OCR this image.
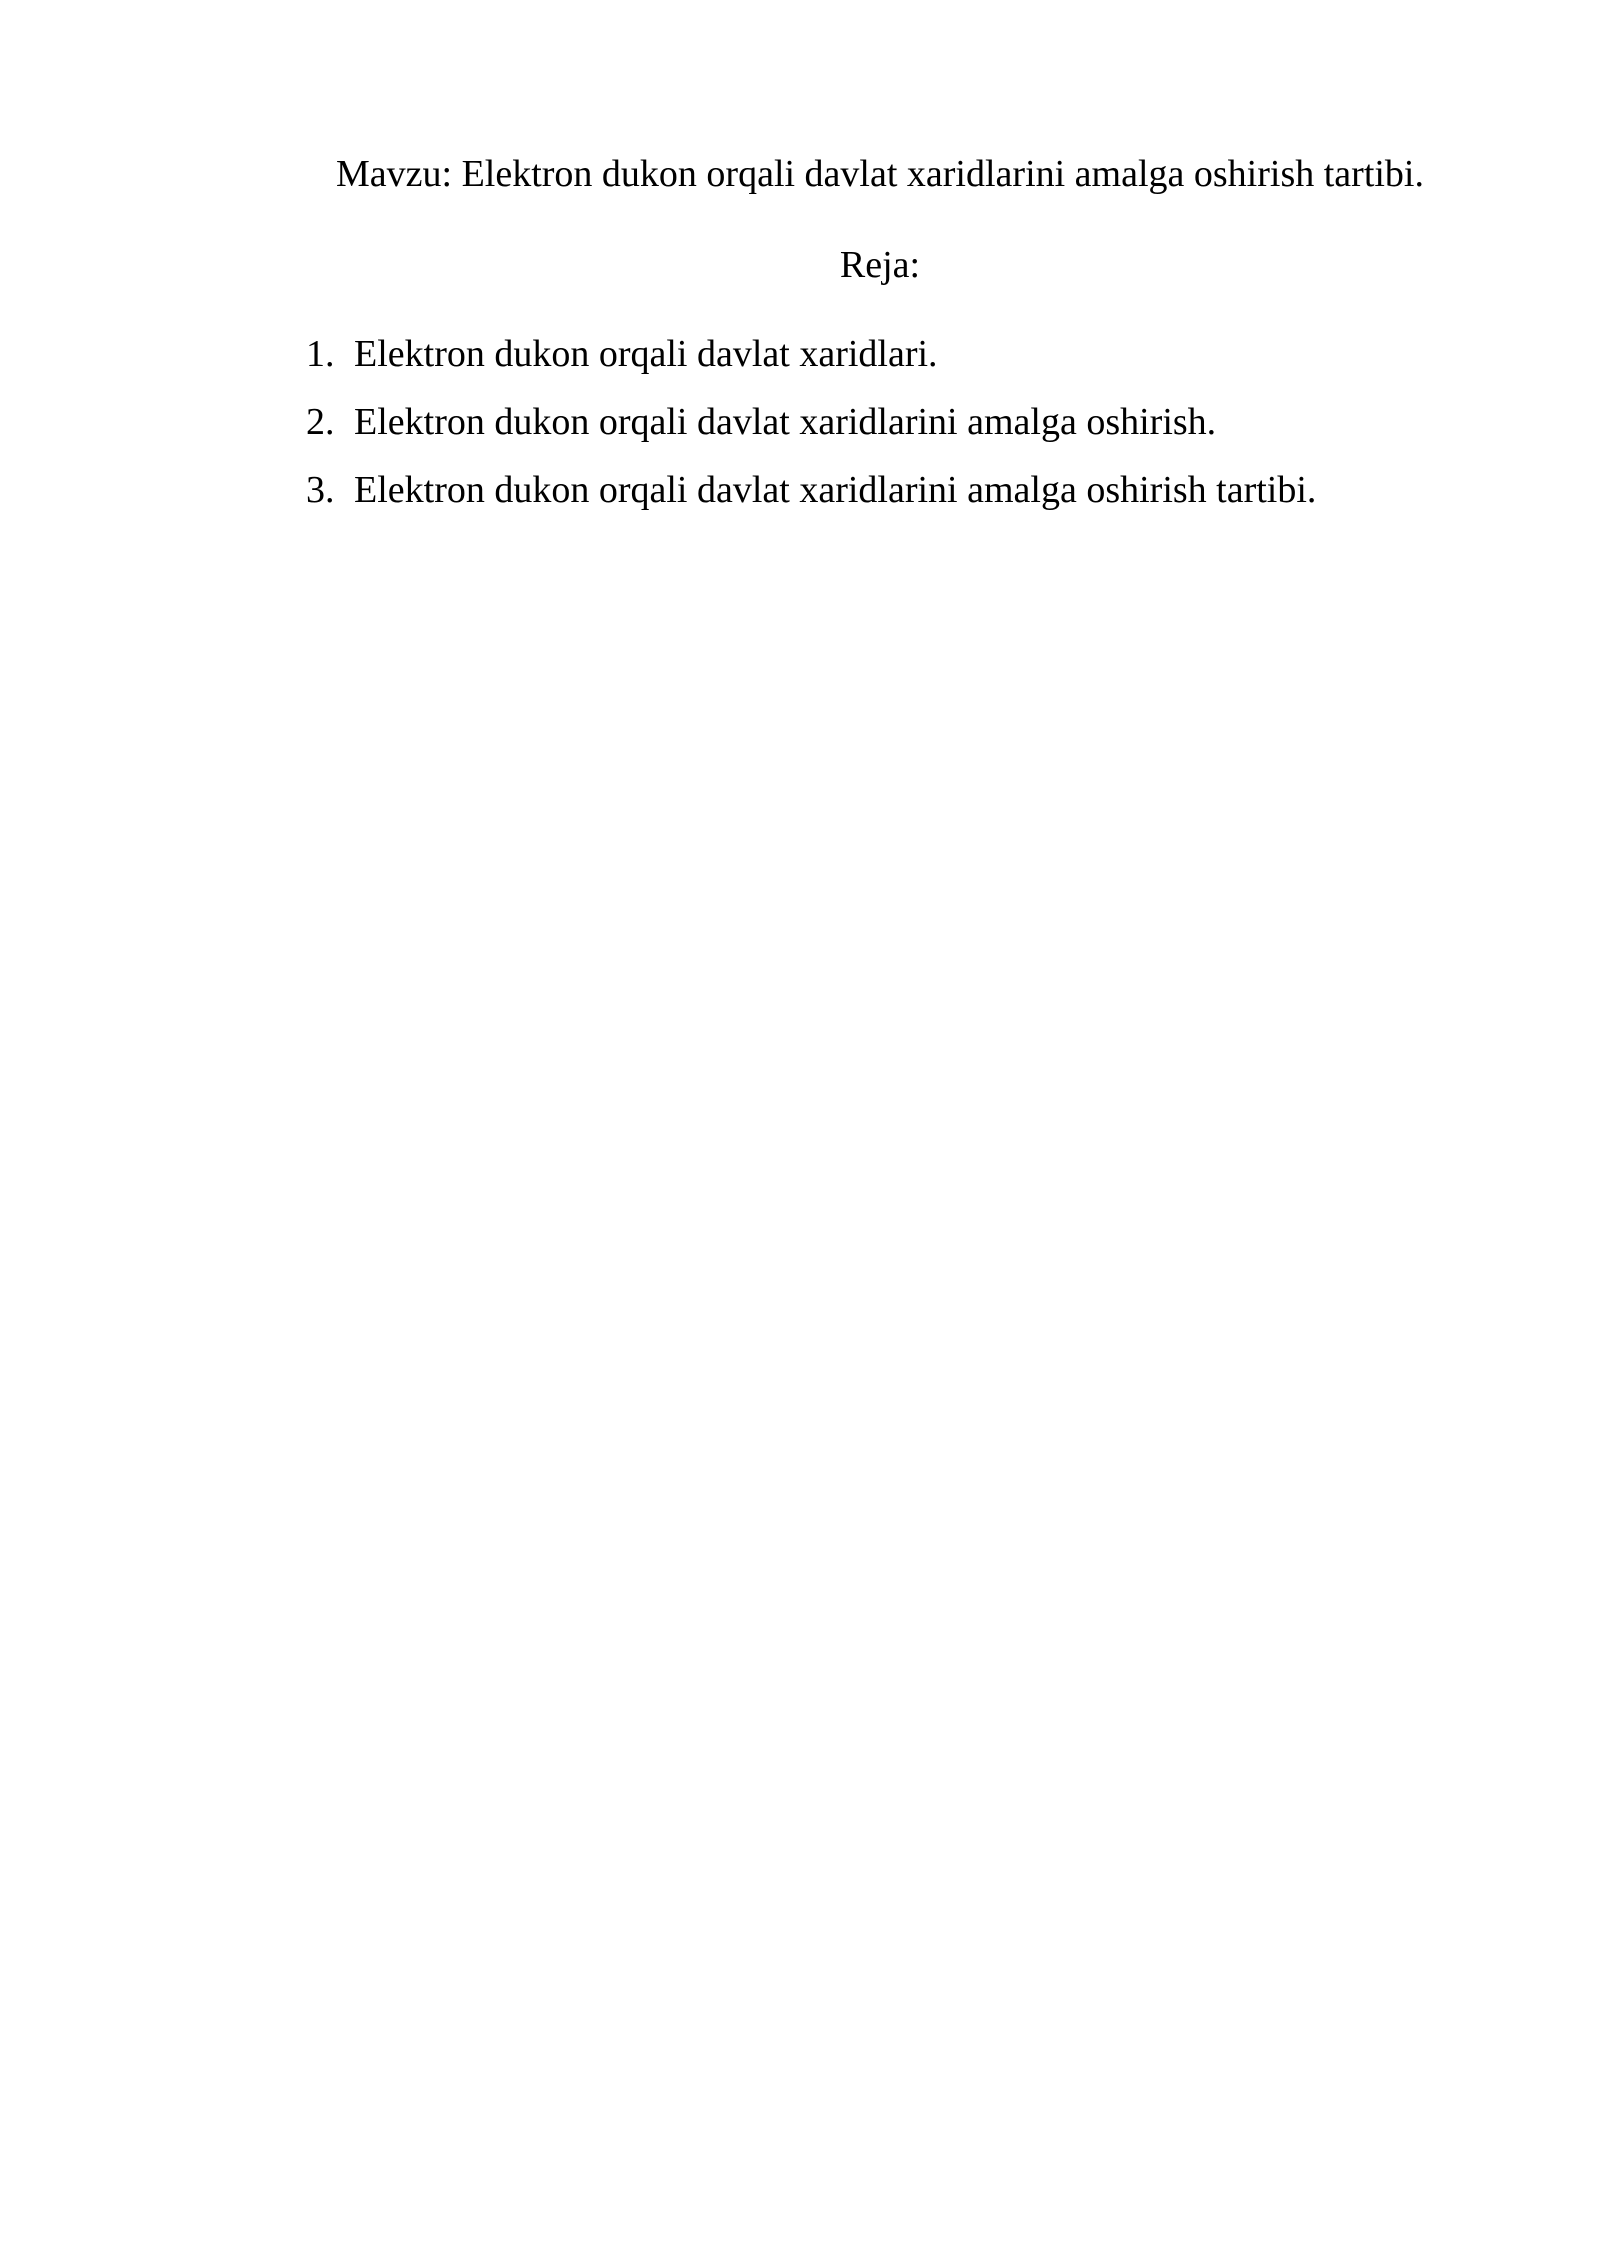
Mavzu: Elektron dukon orqali davlat xaridlarini amalga oshirish tartibi.
Reja:
1. Elektron dukon orqali davlat xaridlari.
2. Elektron dukon orqali davlat xaridlarini amalga oshirish.
3. Elektron dukon orqali davlat xaridlarini amalga oshirish tartibi.
